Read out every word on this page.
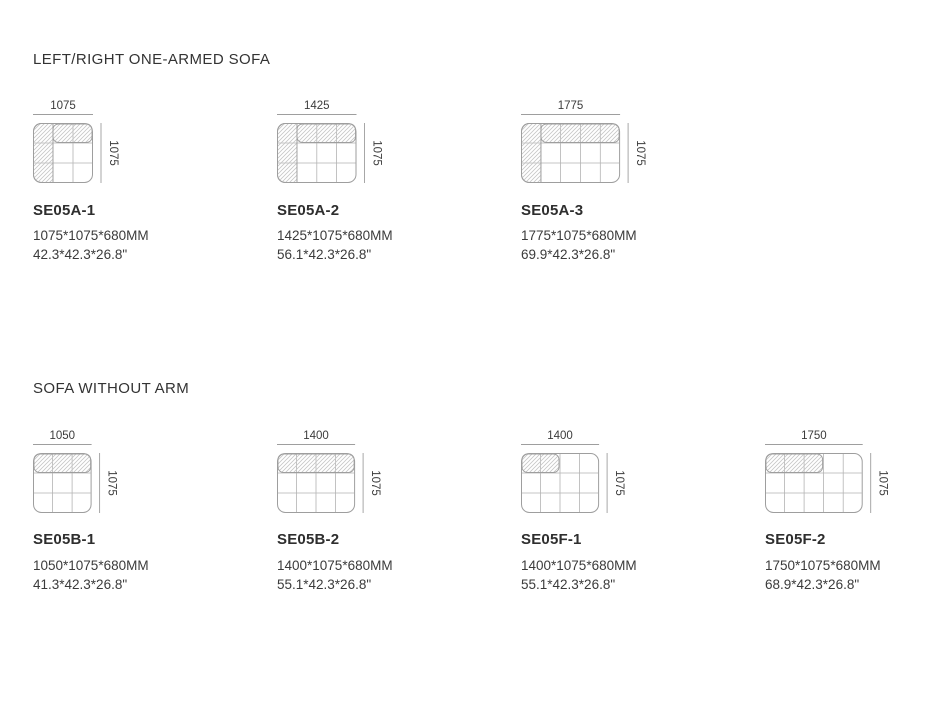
LEFT/RIGHT ONE-ARMED SOFA
1075
1075
SE05A-1
1075*1075*680MM
42.3*42.3*26.8"
1425
1075
SE05A-2
1425*1075*680MM
56.1*42.3*26.8"
1775
1075
SE05A-3
1775*1075*680MM
69.9*42.3*26.8"
SOFA WITHOUT ARM
1050
1075
SE05B-1
1050*1075*680MM
41.3*42.3*26.8"
1400
1075
SE05B-2
1400*1075*680MM
55.1*42.3*26.8"
1400
1075
SE05F-1
1400*1075*680MM
55.1*42.3*26.8"
1750
1075
SE05F-2
1750*1075*680MM
68.9*42.3*26.8"
